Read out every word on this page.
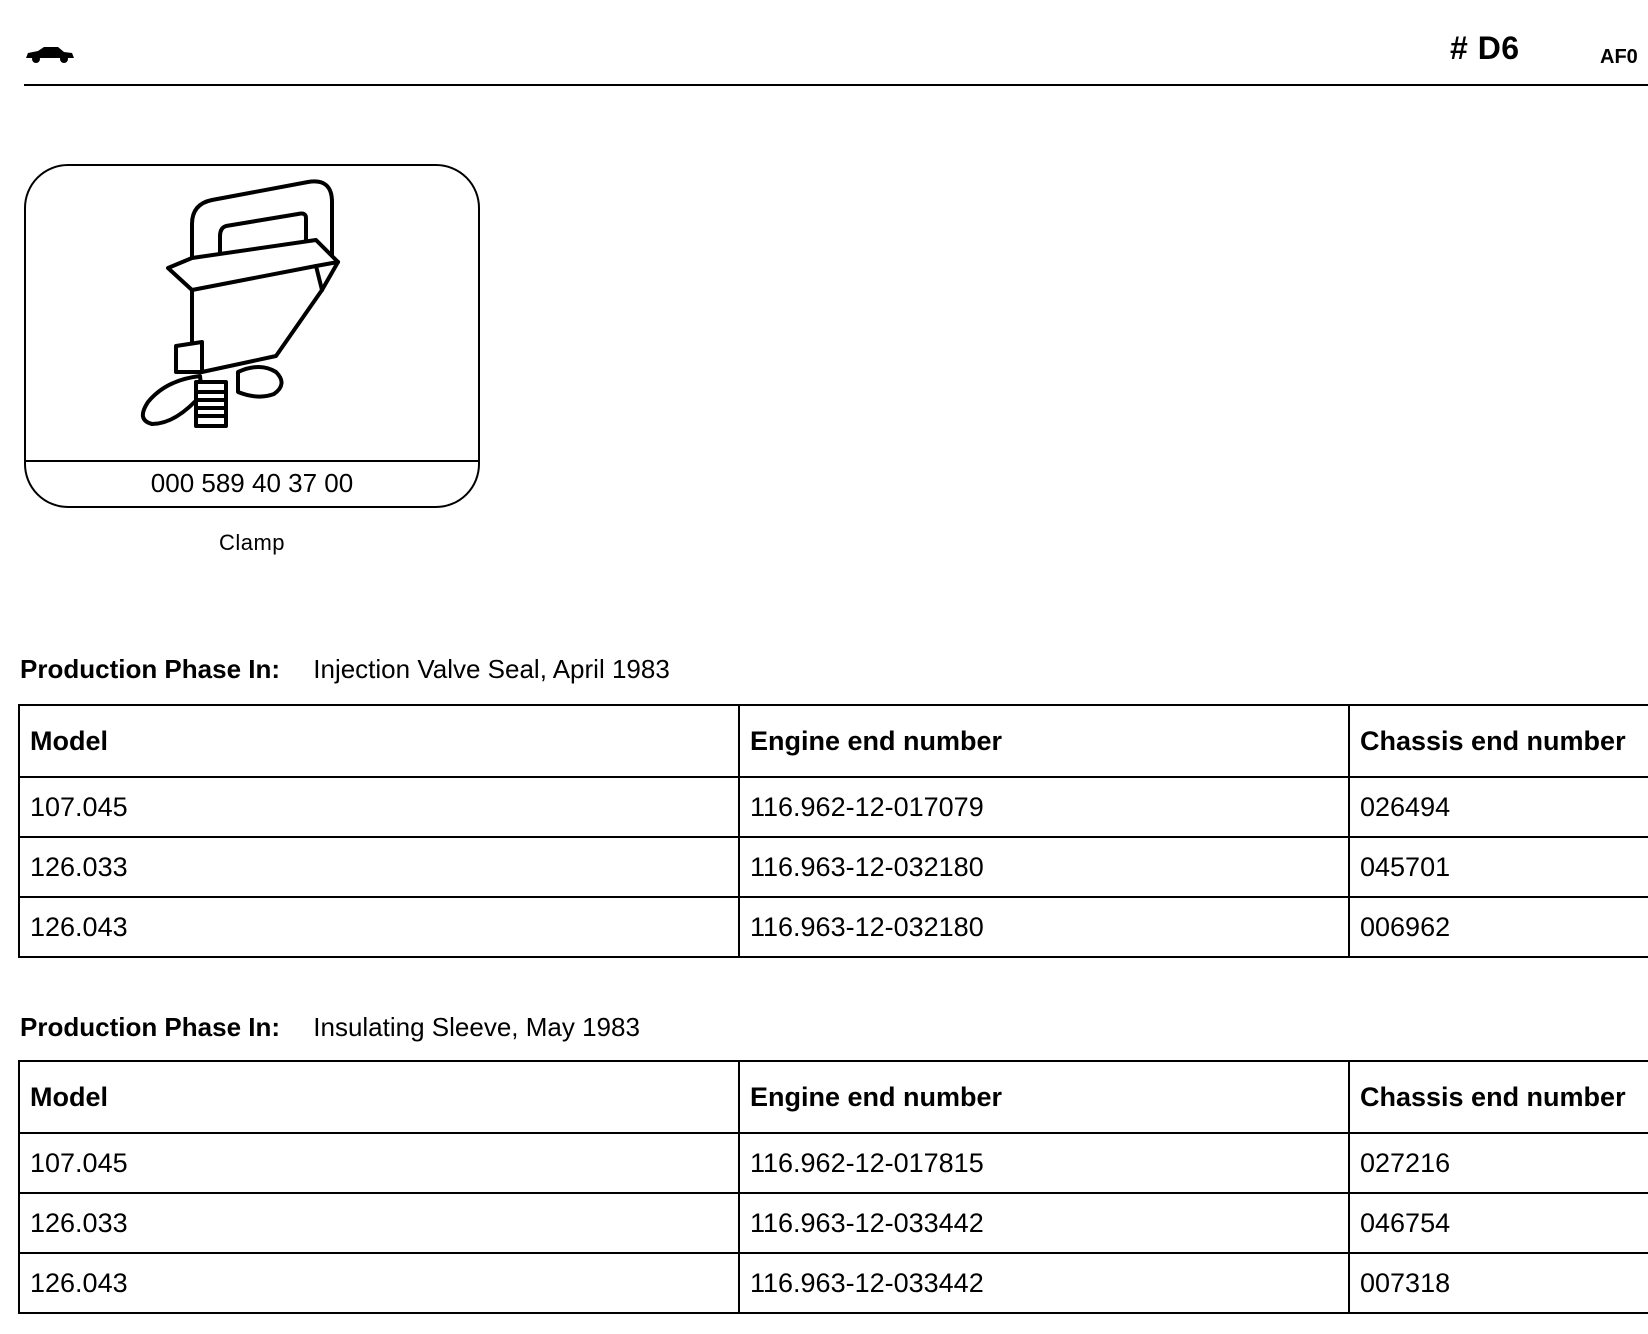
# D6	AF0
000 589 40 37 00
Clamp
Production Phase In: Injection Valve Seal, April 1983
Model	Engine end number	Chassis end number
107.045	116.962-12-017079	026494
126.033	116.963-12-032180	045701
126.043	116.963-12-032180	006962
Production Phase In: Insulating Sleeve, May 1983
Model	Engine end number	Chassis end number
107.045	116.962-12-017815	027216
126.033	116.963-12-033442	046754
126.043	116.963-12-033442	007318
